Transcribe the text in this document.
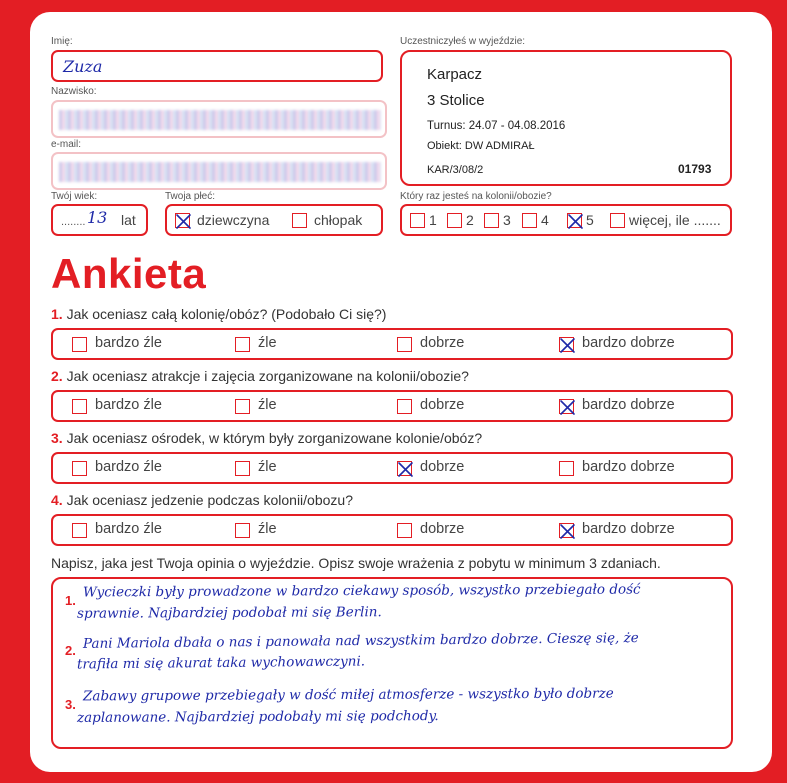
Imię:
Zuza
Nazwisko:
e-mail:
Twój wiek:
........ 13 lat
Twoja płeć:
dziewczyna	chłopak
Uczestniczyłeś w wyjeździe:
Karpacz
3 Stolice
Turnus: 24.07 - 04.08.2016
Obiekt: DW ADMIRAŁ
KAR/3/08/2	01793
Który raz jesteś na kolonii/obozie?
1 2 3 4	5	więcej, ile .......
Ankieta
1. Jak oceniasz całą kolonię/obóz? (Podobało Ci się?)
bardzo źle	źle	dobrze	bardzo dobrze
2. Jak oceniasz atrakcje i zajęcia zorganizowane na kolonii/obozie?
bardzo źle	źle	dobrze	bardzo dobrze
3. Jak oceniasz ośrodek, w którym były zorganizowane kolonie/obóz?
bardzo źle	źle	dobrze	bardzo dobrze
4. Jak oceniasz jedzenie podczas kolonii/obozu?
bardzo źle	źle	dobrze	bardzo dobrze
Napisz, jaka jest Twoja opinia o wyjeździe. Opisz swoje wrażenia z pobytu w minimum 3 zdaniach.
1.
Wycieczki były prowadzone w bardzo ciekawy sposób, wszystko przebiegało dość
sprawnie. Najbardziej podobał mi się Berlin.
2. Pani Mariola dbała o nas i panowała nad wszystkim bardzo dobrze. Cieszę się, że
trafiła mi się akurat taka wychowawczyni.
3.
Zabawy grupowe przebiegały w dość miłej atmosferze - wszystko było dobrze
zaplanowane. Najbardziej podobały mi się podchody.
